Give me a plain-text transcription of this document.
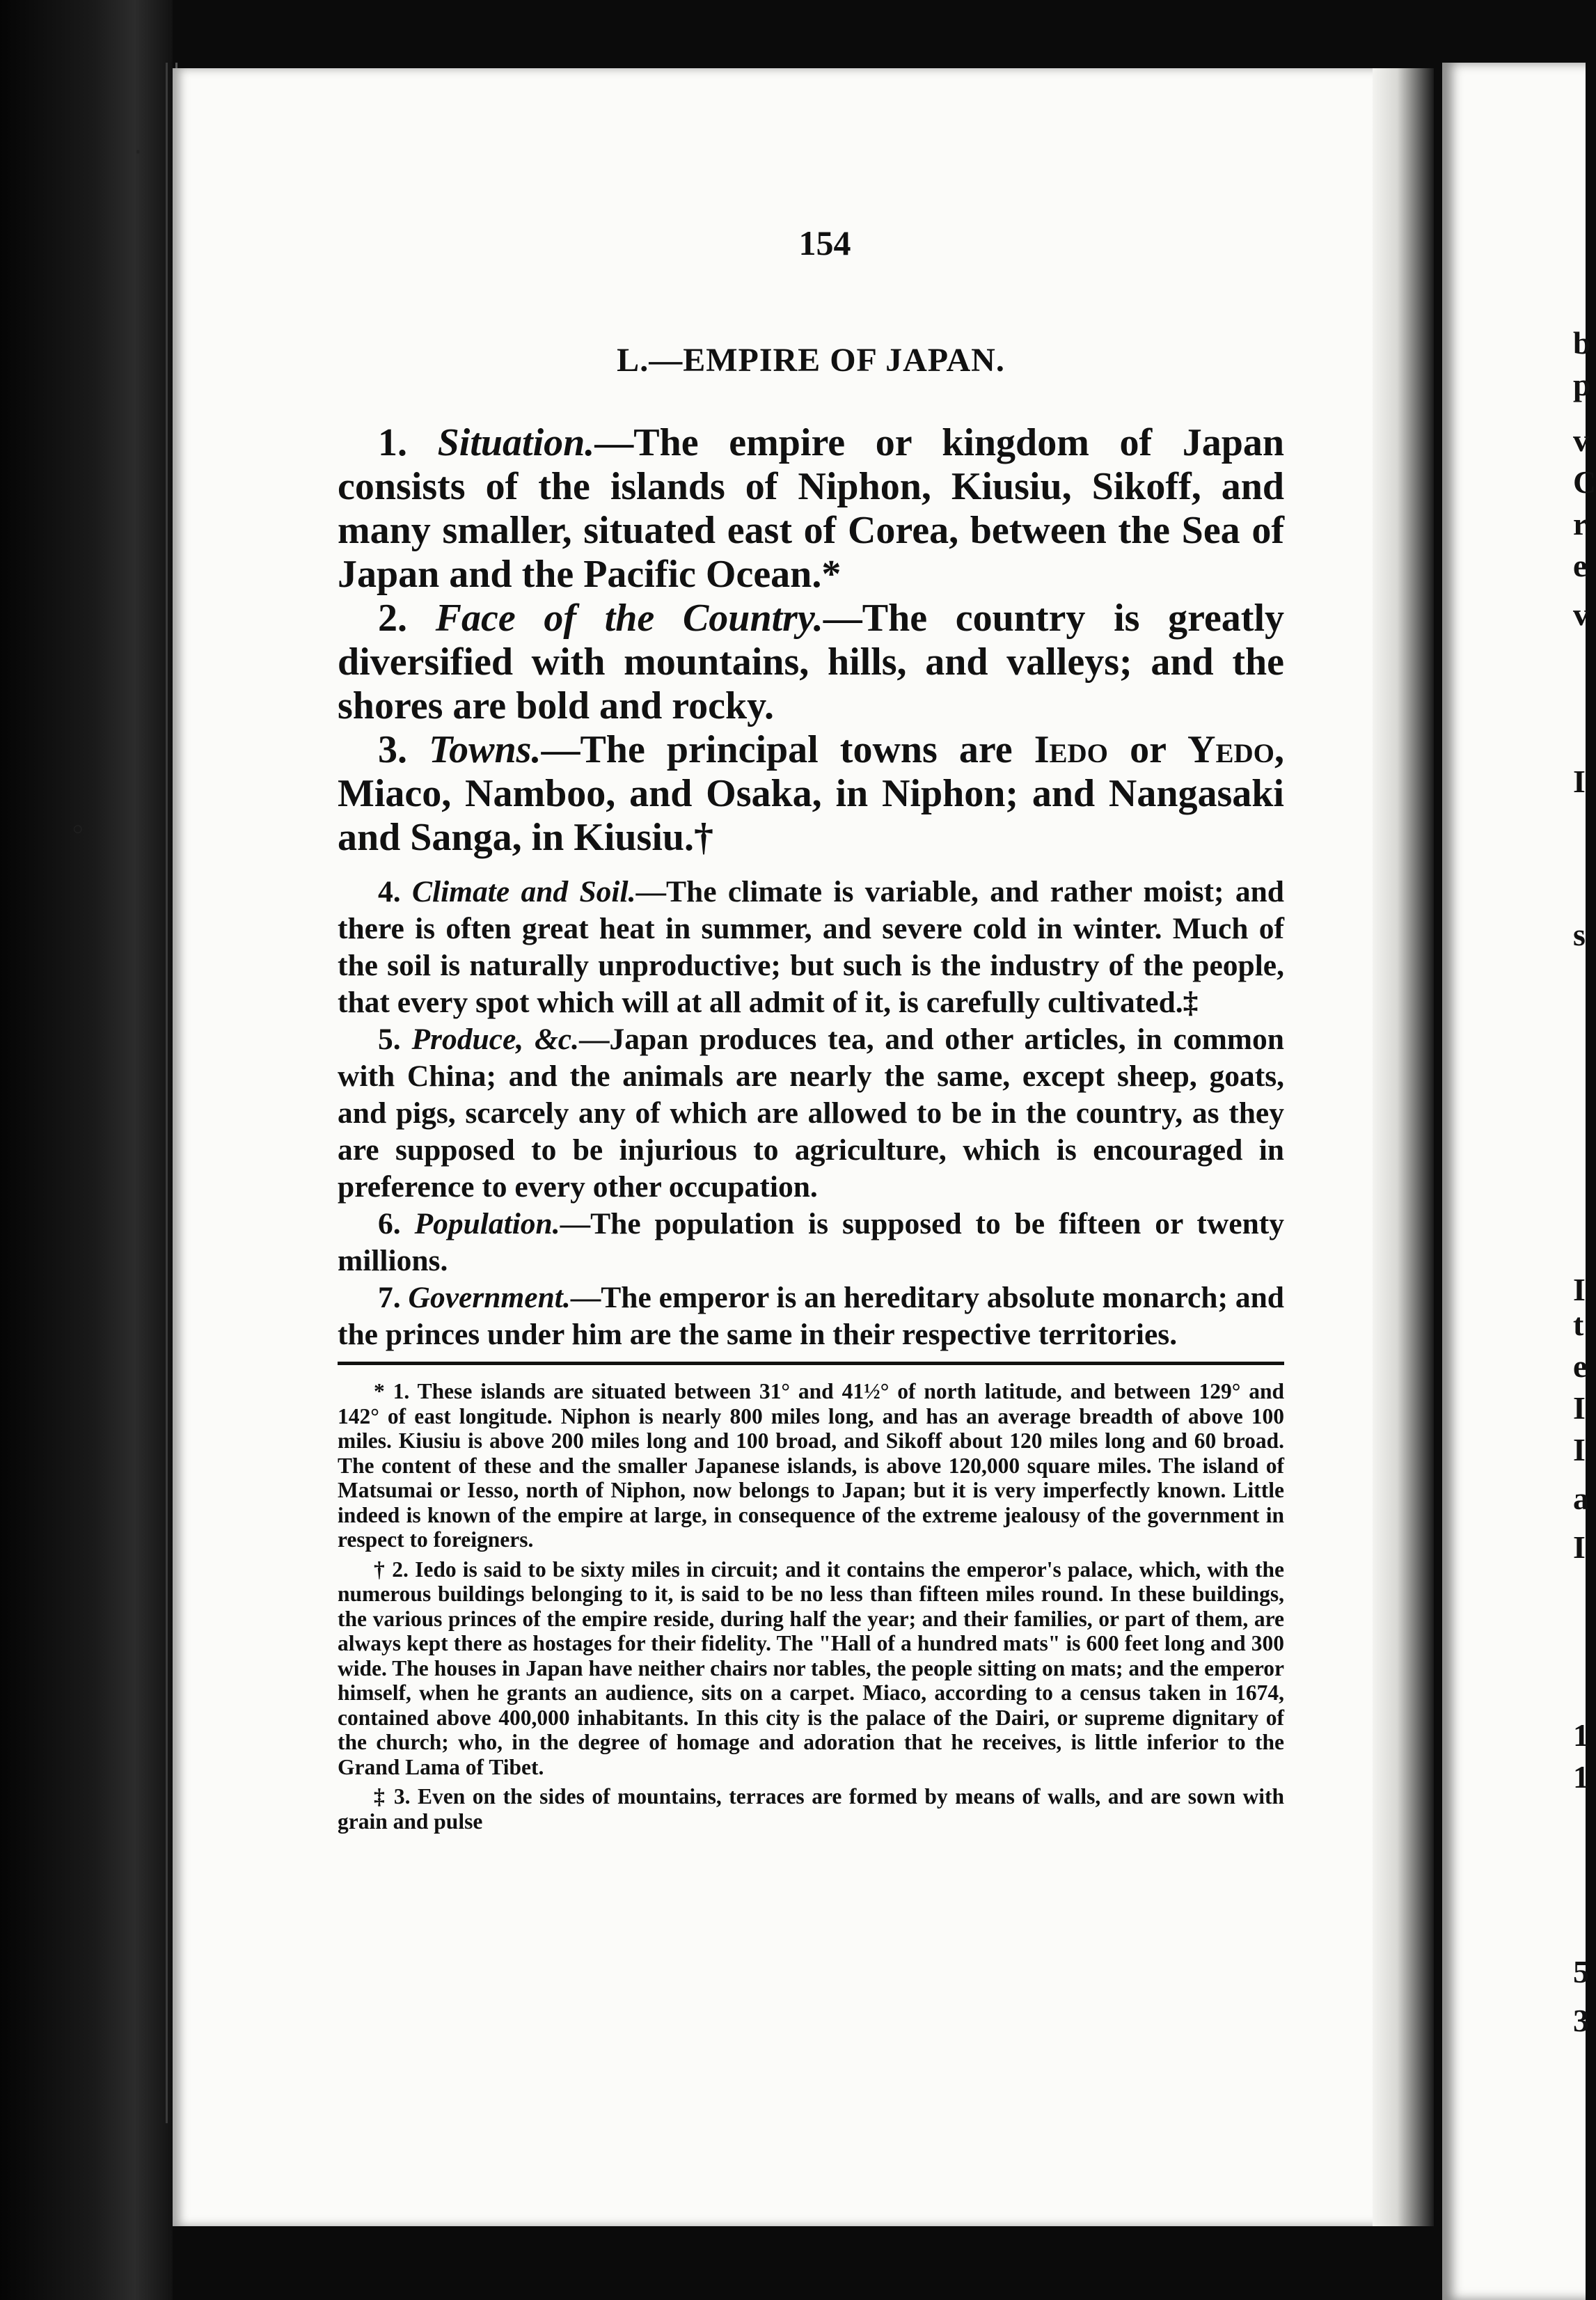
·
◦
b
p
v
C
r
e
v
I
s
I
t
e
I
I
a
I
1
1
5
3
154
L.—EMPIRE OF JAPAN.

1. Situation.—The empire or kingdom of Japan consists of the islands of Niphon, Kiusiu, Sikoff, and many smaller, situated east of Corea, between the Sea of Japan and the Pacific Ocean.*

2. Face of the Country.—The country is greatly diversified with mountains, hills, and valleys; and the shores are bold and rocky.

3. Towns.—The principal towns are Iedo or Yedo, Miaco, Namboo, and Osaka, in Niphon; and Nangasaki and Sanga, in Kiusiu.†

4. Climate and Soil.—The climate is variable, and rather moist; and there is often great heat in summer, and severe cold in winter. Much of the soil is naturally unproductive; but such is the industry of the people, that every spot which will at all admit of it, is carefully cultivated.‡

5. Produce, &c.—Japan produces tea, and other articles, in common with China; and the animals are nearly the same, except sheep, goats, and pigs, scarcely any of which are allowed to be in the country, as they are supposed to be injurious to agriculture, which is encouraged in preference to every other occupation.

6. Population.—The population is supposed to be fifteen or twenty millions.

7. Government.—The emperor is an hereditary absolute monarch; and the princes under him are the same in their respective territories.

* 1. These islands are situated between 31° and 41½° of north latitude, and between 129° and 142° of east longitude. Niphon is nearly 800 miles long, and has an average breadth of above 100 miles. Kiusiu is above 200 miles long and 100 broad, and Sikoff about 120 miles long and 60 broad. The content of these and the smaller Japanese islands, is above 120,000 square miles. The island of Matsumai or Iesso, north of Niphon, now belongs to Japan; but it is very imperfectly known. Little indeed is known of the empire at large, in consequence of the extreme jealousy of the government in respect to foreigners.

† 2. Iedo is said to be sixty miles in circuit; and it contains the emperor's palace, which, with the numerous buildings belonging to it, is said to be no less than fifteen miles round. In these buildings, the various princes of the empire reside, during half the year; and their families, or part of them, are always kept there as hostages for their fidelity. The "Hall of a hundred mats" is 600 feet long and 300 wide. The houses in Japan have neither chairs nor tables, the people sitting on mats; and the emperor himself, when he grants an audience, sits on a carpet. Miaco, according to a census taken in 1674, contained above 400,000 inhabitants. In this city is the palace of the Dairi, or supreme dignitary of the church; who, in the degree of homage and adoration that he receives, is little inferior to the Grand Lama of Tibet.

‡ 3. Even on the sides of mountains, terraces are formed by means of walls, and are sown with grain and pulse
